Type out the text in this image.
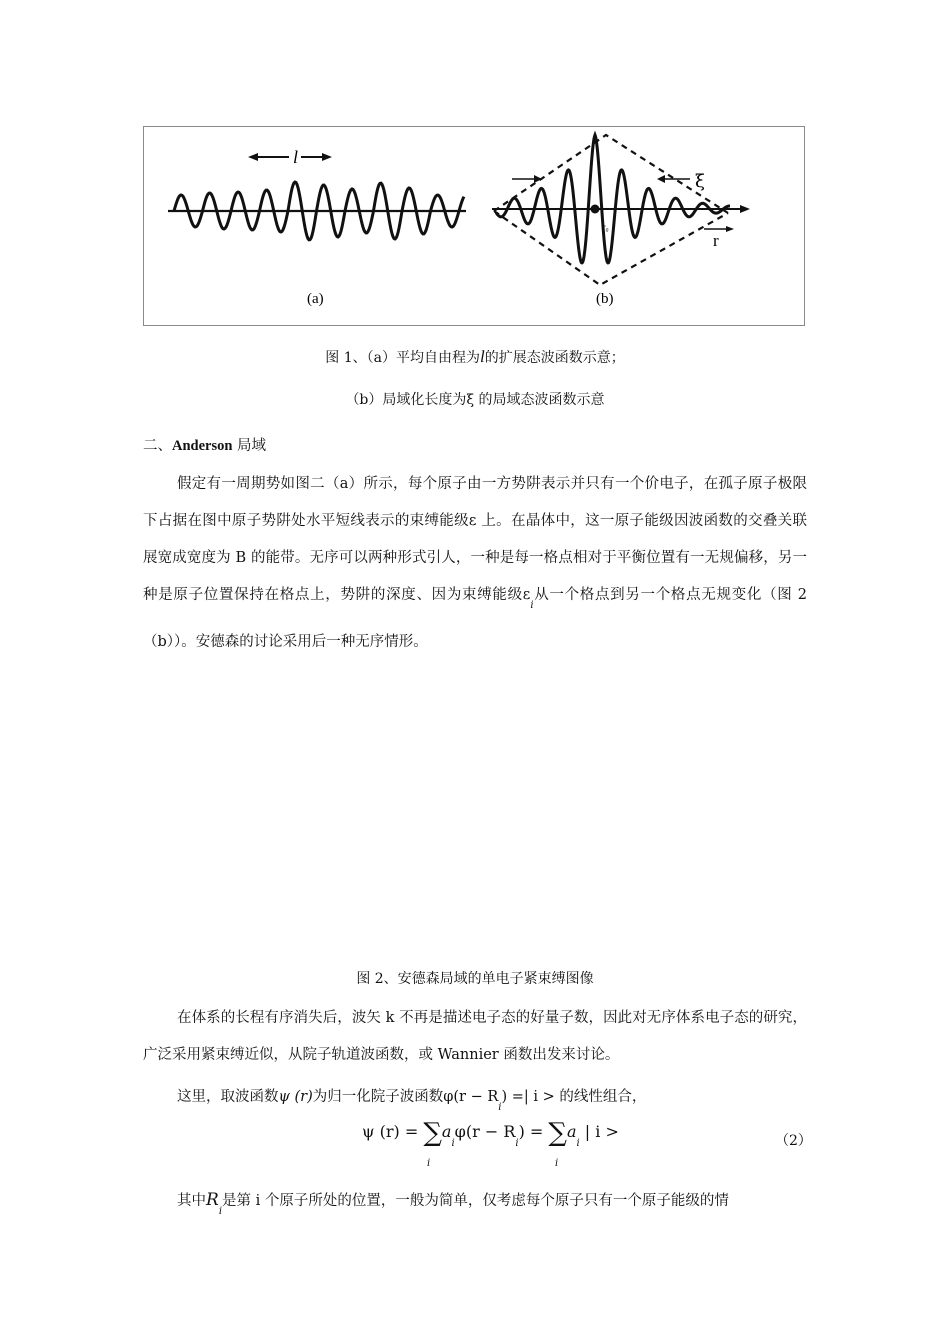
l
(a)
r₀
ξ
r
(b)
图 1、（a）平均自由程为l的扩展态波函数示意；
（b）局域化长度为ξ 的局域态波函数示意
二、Anderson 局域
假定有一周期势如图二（a）所示，每个原子由一方势阱表示并只有一个价电子，在孤子原子极限下占据在图中原子势阱处水平短线表示的束缚能级ε 上。在晶体中，这一原子能级因波函数的交叠关联展宽成宽度为 B 的能带。无序可以两种形式引人，一种是每一格点相对于平衡位置有一无规偏移，另一种是原子位置保持在格点上，势阱的深度、因为束缚能级$\varepsilon_i$从一个格点到另一个格点无规变化（图 2（b））。安德森的讨论采用后一种无序情形。
图 2、安德森局域的单电子紧束缚图像
在体系的长程有序消失后，波矢 k 不再是描述电子态的好量子数，因此对无序体系电子态的研究，广泛采用紧束缚近似，从院子轨道波函数，或 Wannier 函数出发来讨论。
这里，取波函数ψ (r)为归一化院子波函数$\varphi(r - R_i)$ =| i > 的线性组合，
ψ $(r) = \sum a_i\varphi(r - R_i) = \sum a_i$ | i >
i	i
（2）
其中$R_i$是第 i 个原子所处的位置，一般为简单，仅考虑每个原子只有一个原子能级的情
